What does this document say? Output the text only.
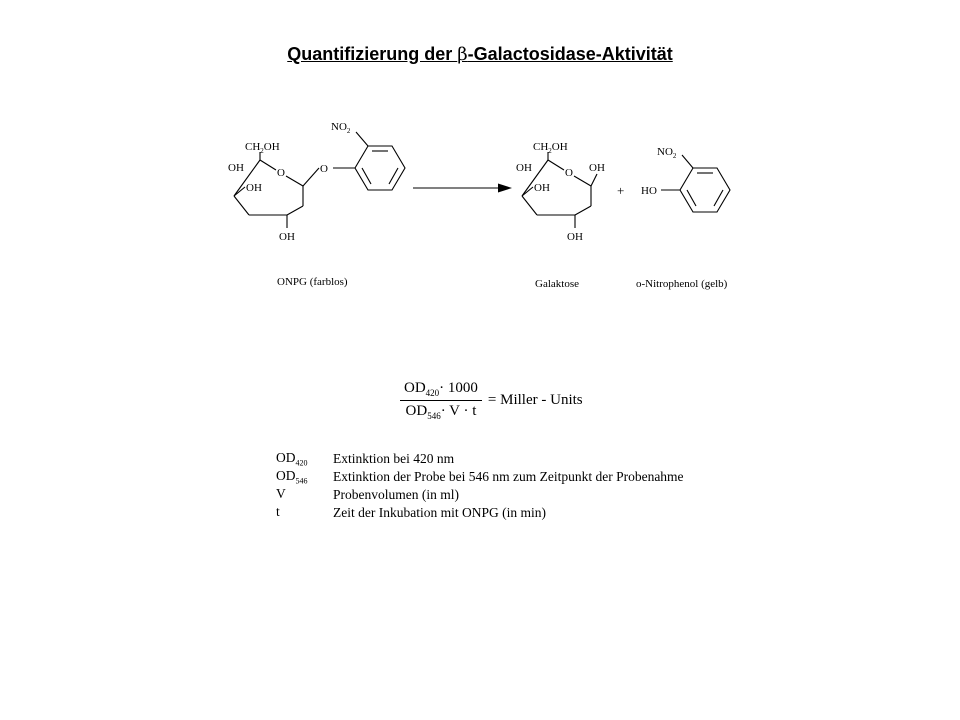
Quantifizierung der β-Galactosidase-Aktivität
$CH_2OH$
O	O
OH
OH
OH
$NO_2$
$CH_2OH$
O OH
OH
OH
OH
+
$NO_2$
HO
ONPG (farblos)	Galaktose	o-Nitrophenol (gelb)
$\frac{OD_{420}\cdot 1000}{OD_{546}\cdot V \cdot t}$ = Miller - Units
$OD_{420}$	Extinktion bei 420 nm
$OD_{546}$	Extinktion der Probe bei 546 nm zum Zeitpunkt der Probenahme
V	Probenvolumen (in ml)
t	Zeit der Inkubation mit ONPG (in min)
